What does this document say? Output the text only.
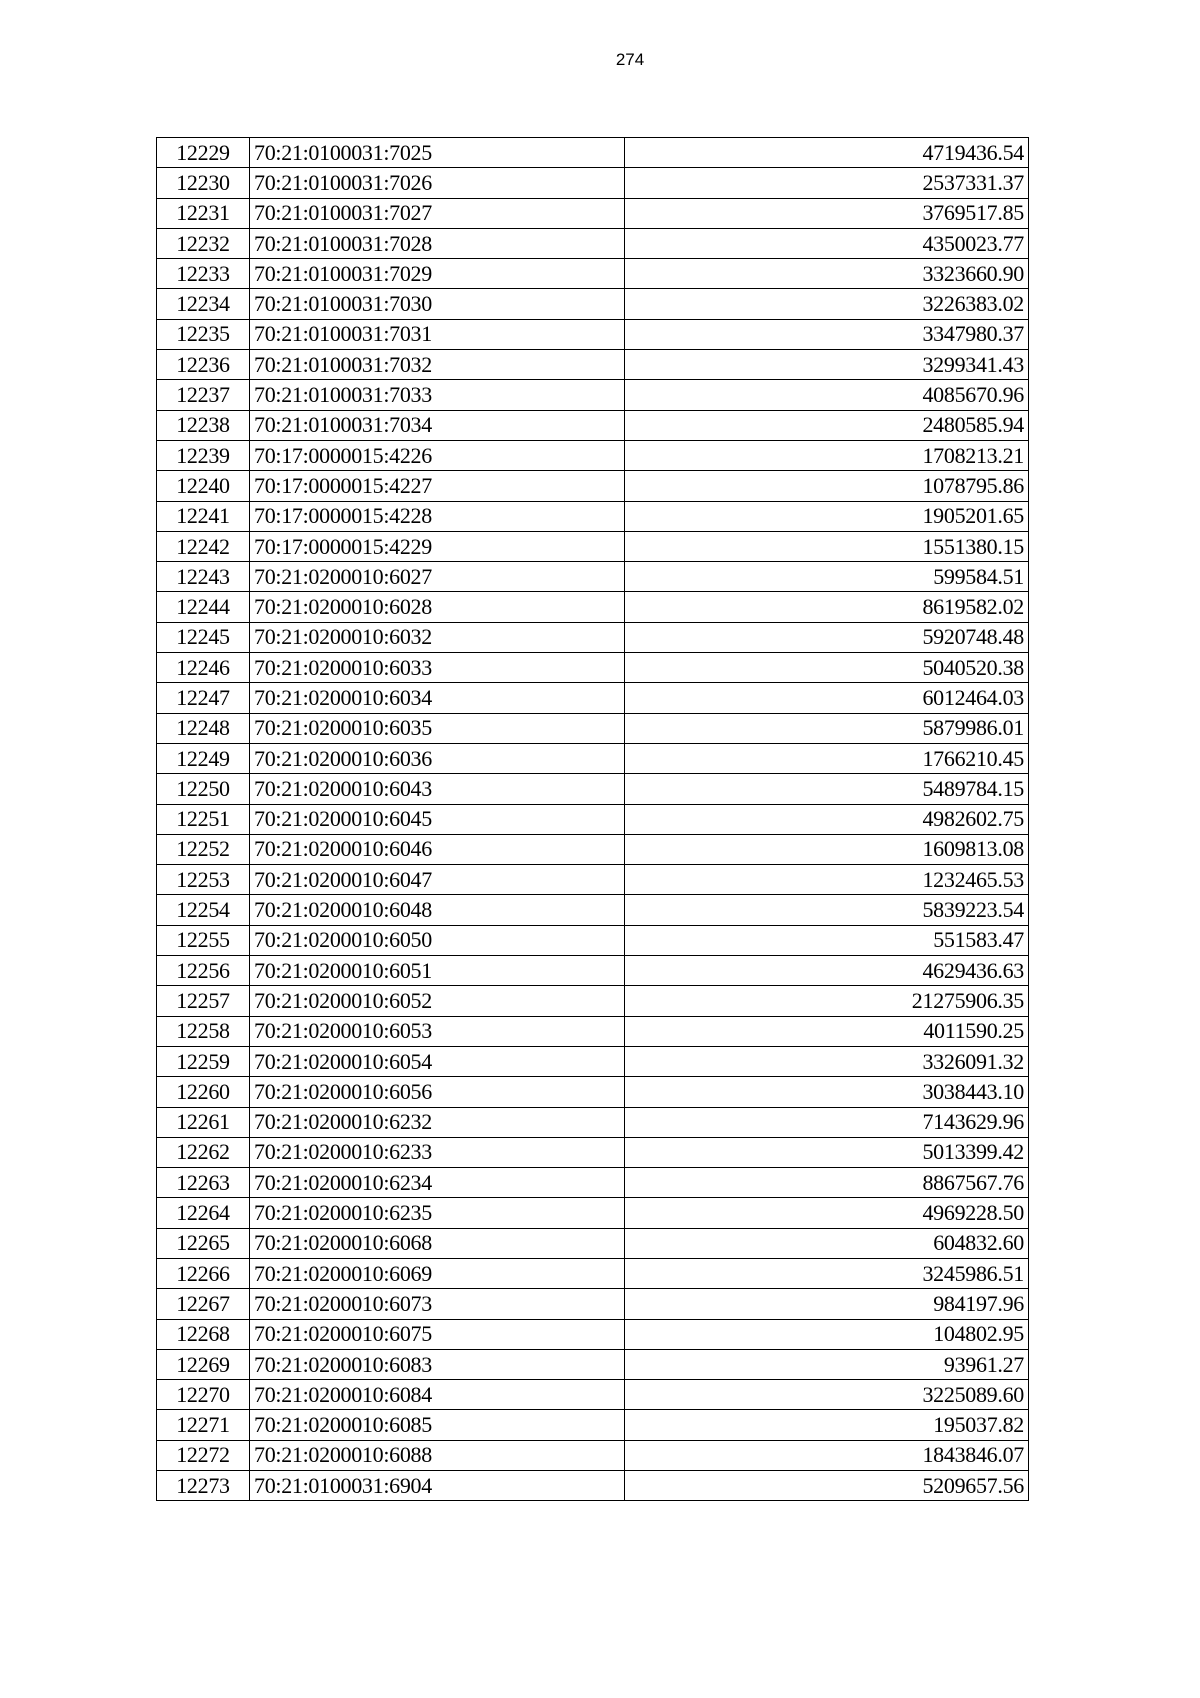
274
12229	70:21:0100031:7025	4719436.54
12230	70:21:0100031:7026	2537331.37
12231	70:21:0100031:7027	3769517.85
12232	70:21:0100031:7028	4350023.77
12233	70:21:0100031:7029	3323660.90
12234	70:21:0100031:7030	3226383.02
12235	70:21:0100031:7031	3347980.37
12236	70:21:0100031:7032	3299341.43
12237	70:21:0100031:7033	4085670.96
12238	70:21:0100031:7034	2480585.94
12239	70:17:0000015:4226	1708213.21
12240	70:17:0000015:4227	1078795.86
12241	70:17:0000015:4228	1905201.65
12242	70:17:0000015:4229	1551380.15
12243	70:21:0200010:6027	599584.51
12244	70:21:0200010:6028	8619582.02
12245	70:21:0200010:6032	5920748.48
12246	70:21:0200010:6033	5040520.38
12247	70:21:0200010:6034	6012464.03
12248	70:21:0200010:6035	5879986.01
12249	70:21:0200010:6036	1766210.45
12250	70:21:0200010:6043	5489784.15
12251	70:21:0200010:6045	4982602.75
12252	70:21:0200010:6046	1609813.08
12253	70:21:0200010:6047	1232465.53
12254	70:21:0200010:6048	5839223.54
12255	70:21:0200010:6050	551583.47
12256	70:21:0200010:6051	4629436.63
12257	70:21:0200010:6052	21275906.35
12258	70:21:0200010:6053	4011590.25
12259	70:21:0200010:6054	3326091.32
12260	70:21:0200010:6056	3038443.10
12261	70:21:0200010:6232	7143629.96
12262	70:21:0200010:6233	5013399.42
12263	70:21:0200010:6234	8867567.76
12264	70:21:0200010:6235	4969228.50
12265	70:21:0200010:6068	604832.60
12266	70:21:0200010:6069	3245986.51
12267	70:21:0200010:6073	984197.96
12268	70:21:0200010:6075	104802.95
12269	70:21:0200010:6083	93961.27
12270	70:21:0200010:6084	3225089.60
12271	70:21:0200010:6085	195037.82
12272	70:21:0200010:6088	1843846.07
12273	70:21:0100031:6904	5209657.56
